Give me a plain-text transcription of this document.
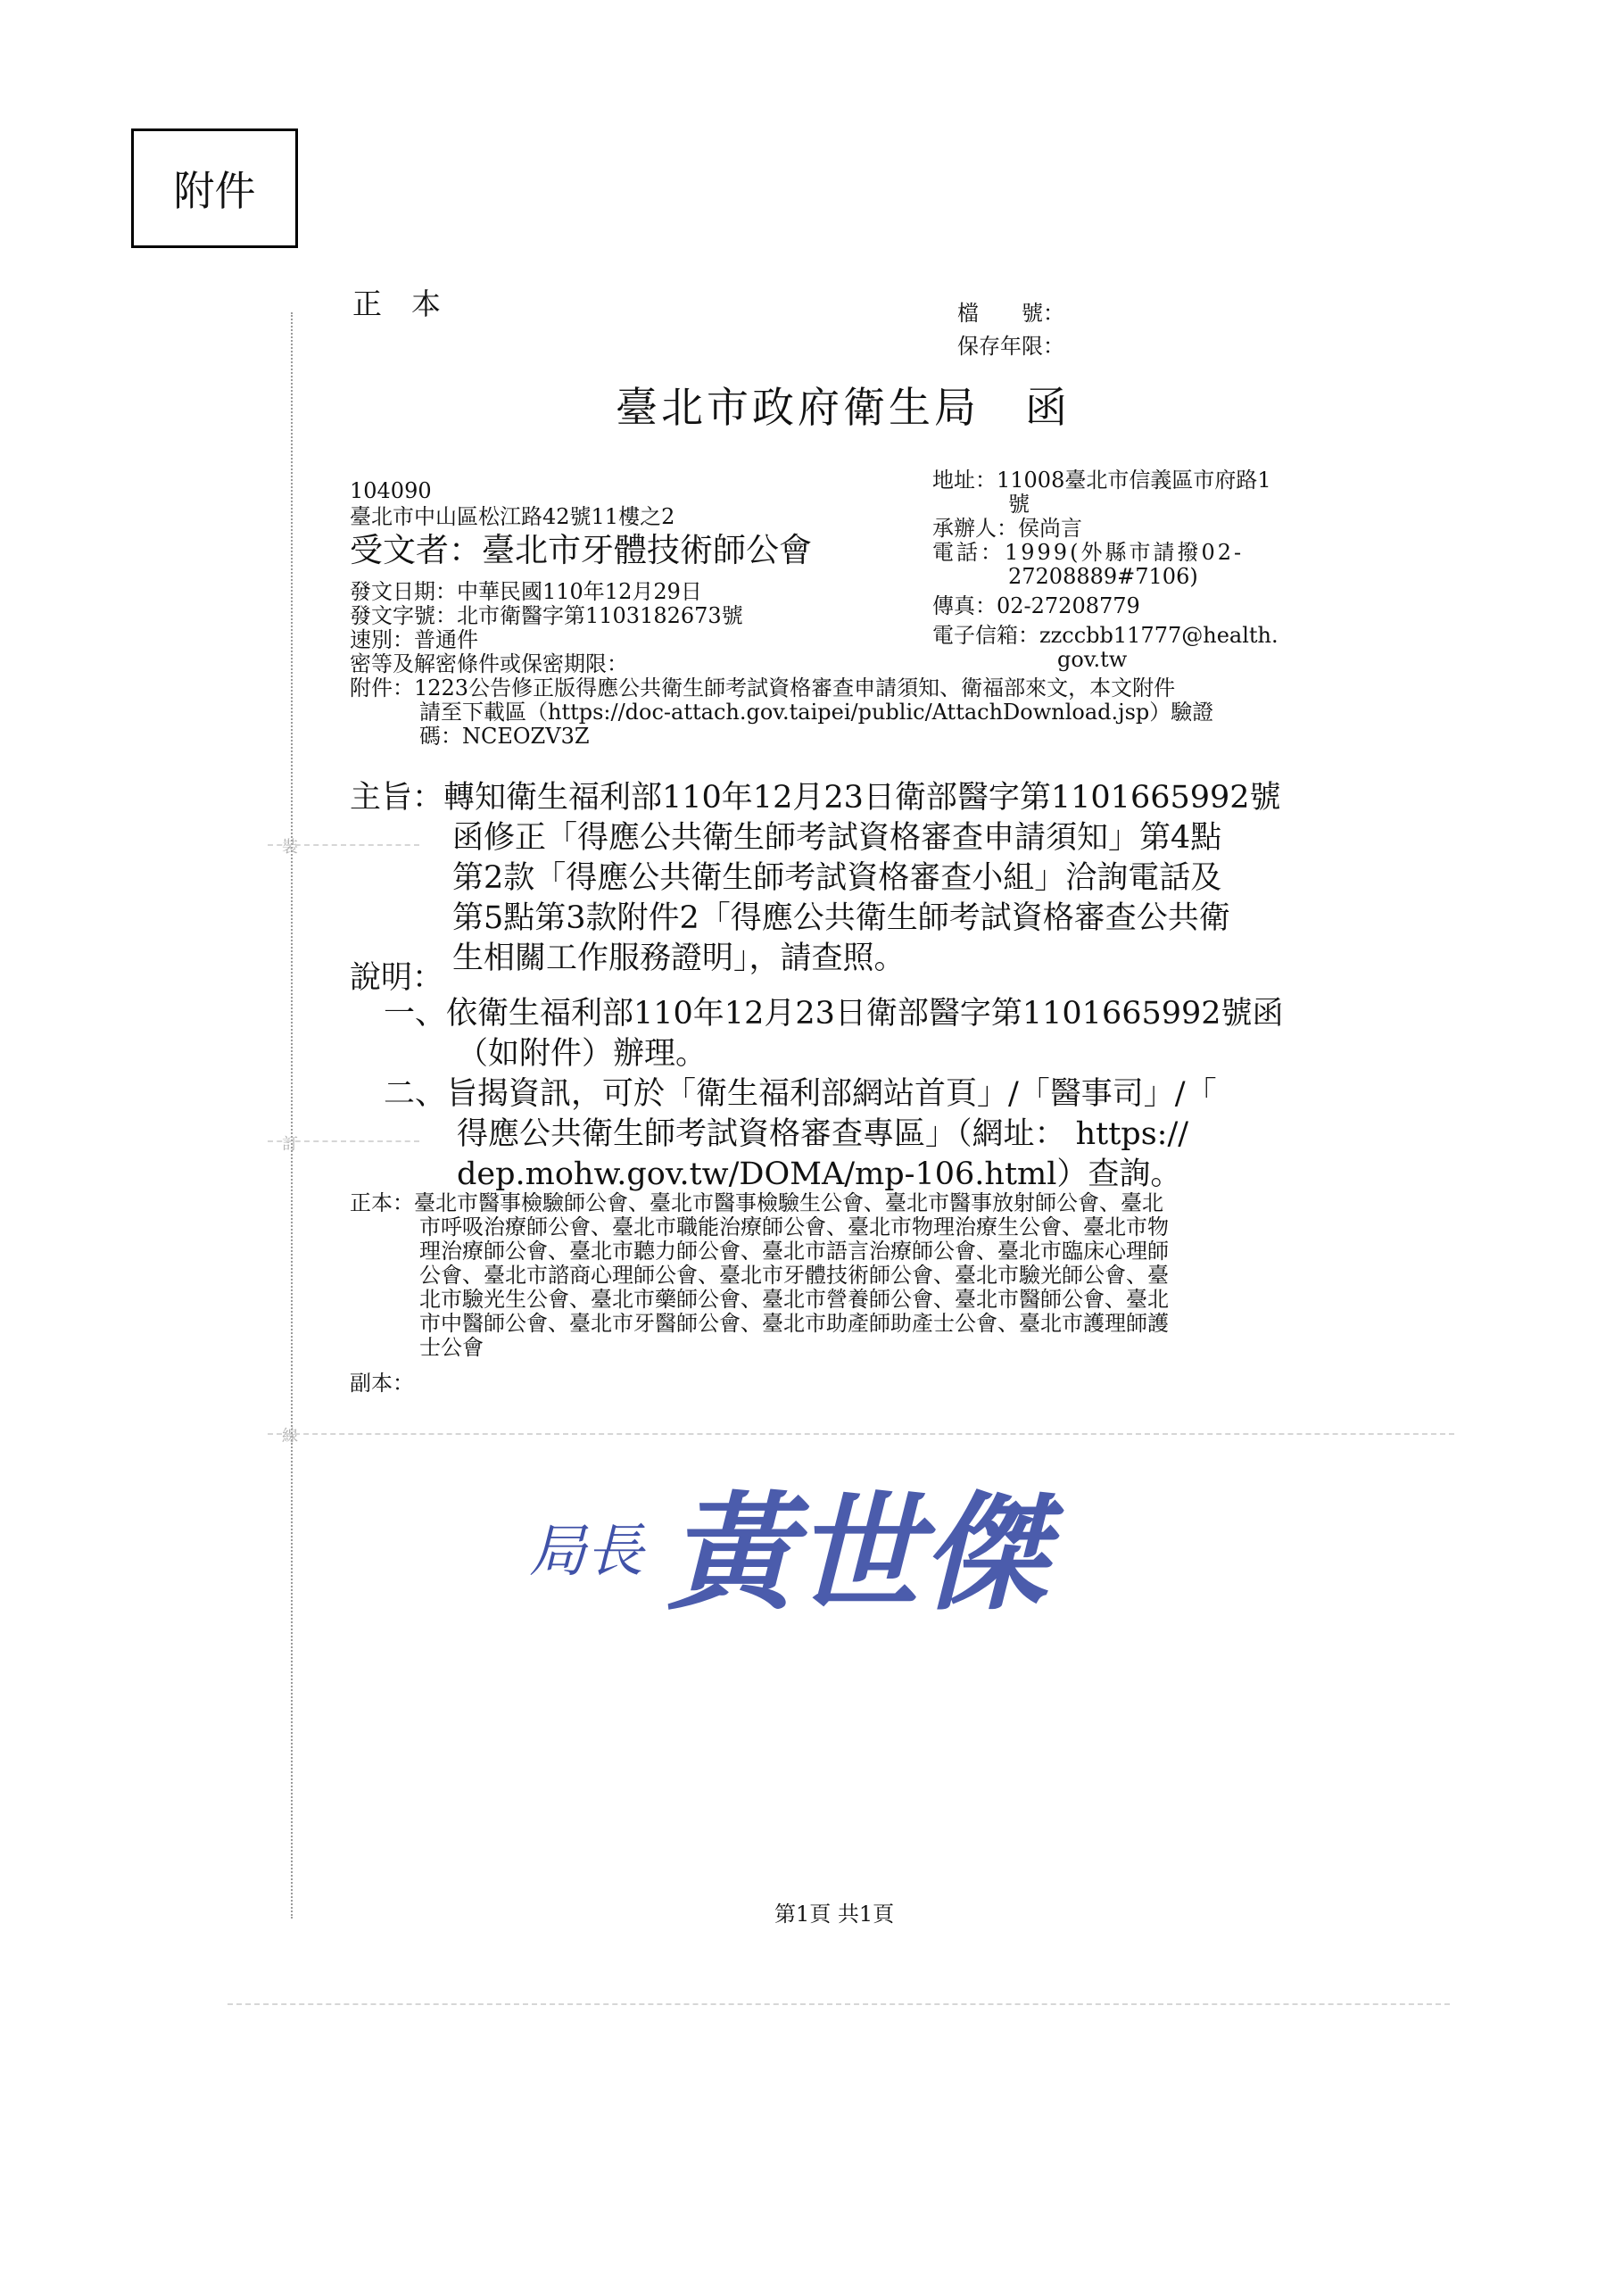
附件
裝
訂
線
正　本	檔　　號：
保存年限：
臺北市政府衛生局　函
104090
臺北市中山區松江路42號11樓之2
受文者：臺北市牙體技術師公會
地址：11008臺北市信義區市府路1
號
承辦人：侯尚言
電話：1999(外縣市請撥02-
27208889#7106)
傳真：02-27208779
電子信箱：zzccbb11777@health.
gov.tw
發文日期：中華民國110年12月29日
發文字號：北市衛醫字第1103182673號
速別：普通件
密等及解密條件或保密期限：
附件：1223公告修正版得應公共衛生師考試資格審查申請須知、衛福部來文，本文附件
請至下載區（https://doc-attach.gov.taipei/public/AttachDownload.jsp）驗證
碼：NCEOZV3Z
主旨：轉知衛生福利部110年12月23日衛部醫字第1101665992號
函修正「得應公共衛生師考試資格審查申請須知」第4點
第2款「得應公共衛生師考試資格審查小組」洽詢電話及
第5點第3款附件2「得應公共衛生師考試資格審查公共衛
生相關工作服務證明」，請查照。
說明：
一、依衛生福利部110年12月23日衛部醫字第1101665992號函
（如附件）辦理。
二、旨揭資訊，可於「衛生福利部網站首頁」/「醫事司」/「
得應公共衛生師考試資格審查專區」（網址： https://
dep.mohw.gov.tw/DOMA/mp-106.html）查詢。
正本：臺北市醫事檢驗師公會、臺北市醫事檢驗生公會、臺北市醫事放射師公會、臺北
市呼吸治療師公會、臺北市職能治療師公會、臺北市物理治療生公會、臺北市物
理治療師公會、臺北市聽力師公會、臺北市語言治療師公會、臺北市臨床心理師
公會、臺北市諮商心理師公會、臺北市牙體技術師公會、臺北市驗光師公會、臺
北市驗光生公會、臺北市藥師公會、臺北市營養師公會、臺北市醫師公會、臺北
市中醫師公會、臺北市牙醫師公會、臺北市助產師助產士公會、臺北市護理師護
士公會
副本：
局長 黃世傑
第1頁 共1頁
